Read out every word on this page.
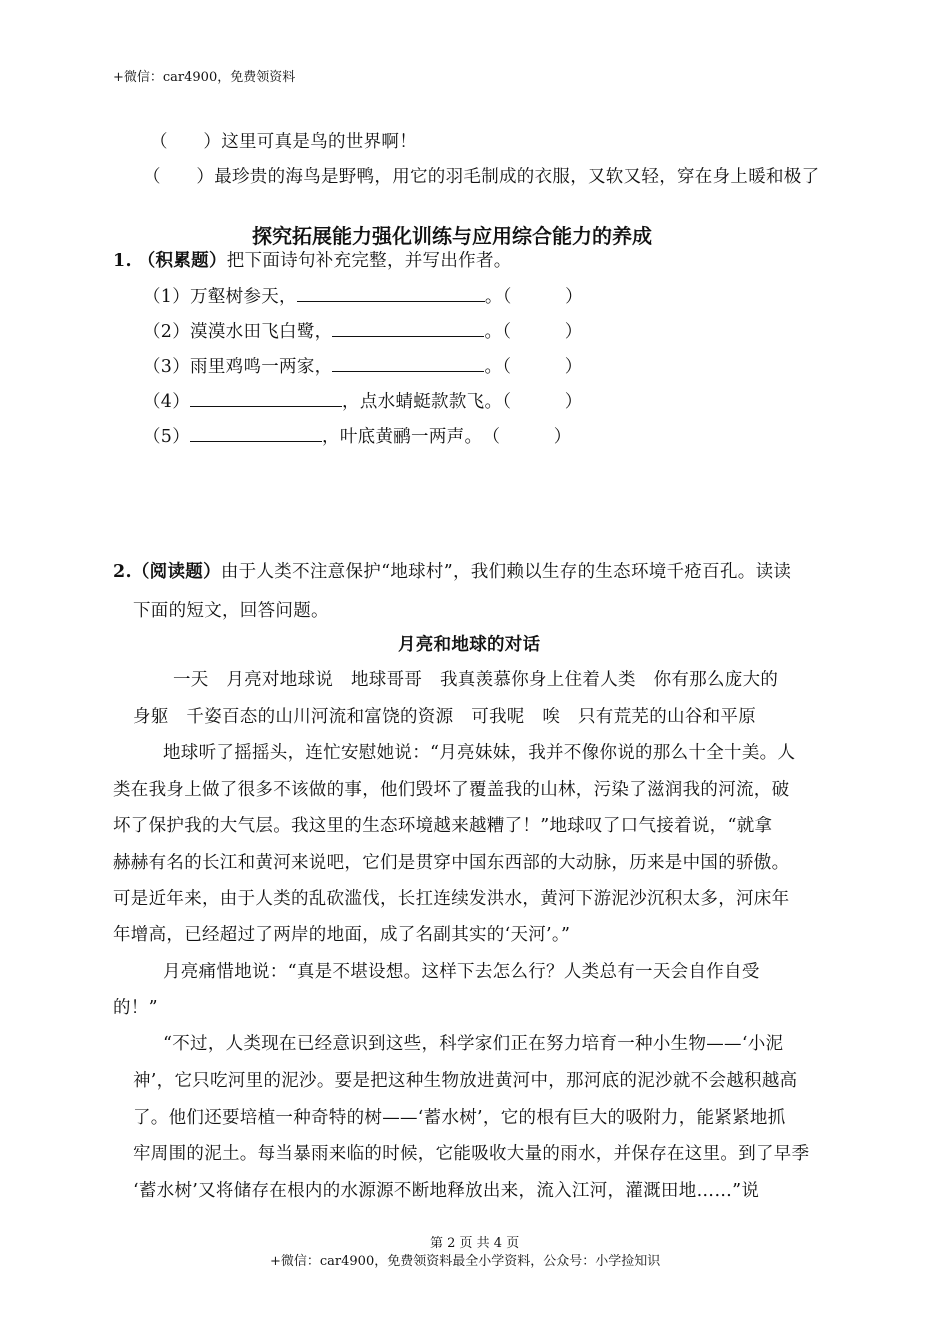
+微信：car4900，免费领资料
（　　）这里可真是鸟的世界啊！
（　　）最珍贵的海鸟是野鸭，用它的羽毛制成的衣服，又软又轻，穿在身上暖和极了
探究拓展能力强化训练与应用综合能力的养成
1. （积累题）把下面诗句补充完整，并写出作者。
（1）万壑树参天，	。（　　　）
（2）漠漠水田飞白鹭，	。（　　　）
（3）雨里鸡鸣一两家，	。（　　　）
（4）	，点水蜻蜓款款飞。（　　　）
（5）	，叶底黄鹂一两声。　（　　　）
2.（阅读题）由于人类不注意保护“地球村”，我们赖以生存的生态环境千疮百孔。读读
下面的短文，回答问题。
月亮和地球的对话
一天　月亮对地球说　地球哥哥　我真羡慕你身上住着人类　你有那么庞大的
身躯　千姿百态的山川河流和富饶的资源　可我呢　唉　只有荒芜的山谷和平原
地球听了摇摇头，连忙安慰她说：“月亮妹妹，我并不像你说的那么十全十美。人
类在我身上做了很多不该做的事，他们毁坏了覆盖我的山林，污染了滋润我的河流，破
坏了保护我的大气层。我这里的生态环境越来越糟了！”地球叹了口气接着说，“就拿
赫赫有名的长江和黄河来说吧，它们是贯穿中国东西部的大动脉，历来是中国的骄傲。
可是近年来，由于人类的乱砍滥伐，长扛连续发洪水，黄河下游泥沙沉积太多，河床年
年增高，已经超过了两岸的地面，成了名副其实的‘天河’。”
月亮痛惜地说：“真是不堪设想。这样下去怎么行？人类总有一天会自作自受
的！”
“不过，人类现在已经意识到这些，科学家们正在努力培育一种小生物——‘小泥
神’，它只吃河里的泥沙。要是把这种生物放进黄河中，那河底的泥沙就不会越积越高
了。他们还要培植一种奇特的树——‘蓄水树’，它的根有巨大的吸附力，能紧紧地抓
牢周围的泥土。每当暴雨来临的时候，它能吸收大量的雨水，并保存在这里。到了早季
‘蓄水树’又将储存在根内的水源源不断地释放出来，流入江河，灌溉田地……”说
第 2 页 共 4 页
+微信：car4900，免费领资料最全小学资料，公众号：小学捡知识
